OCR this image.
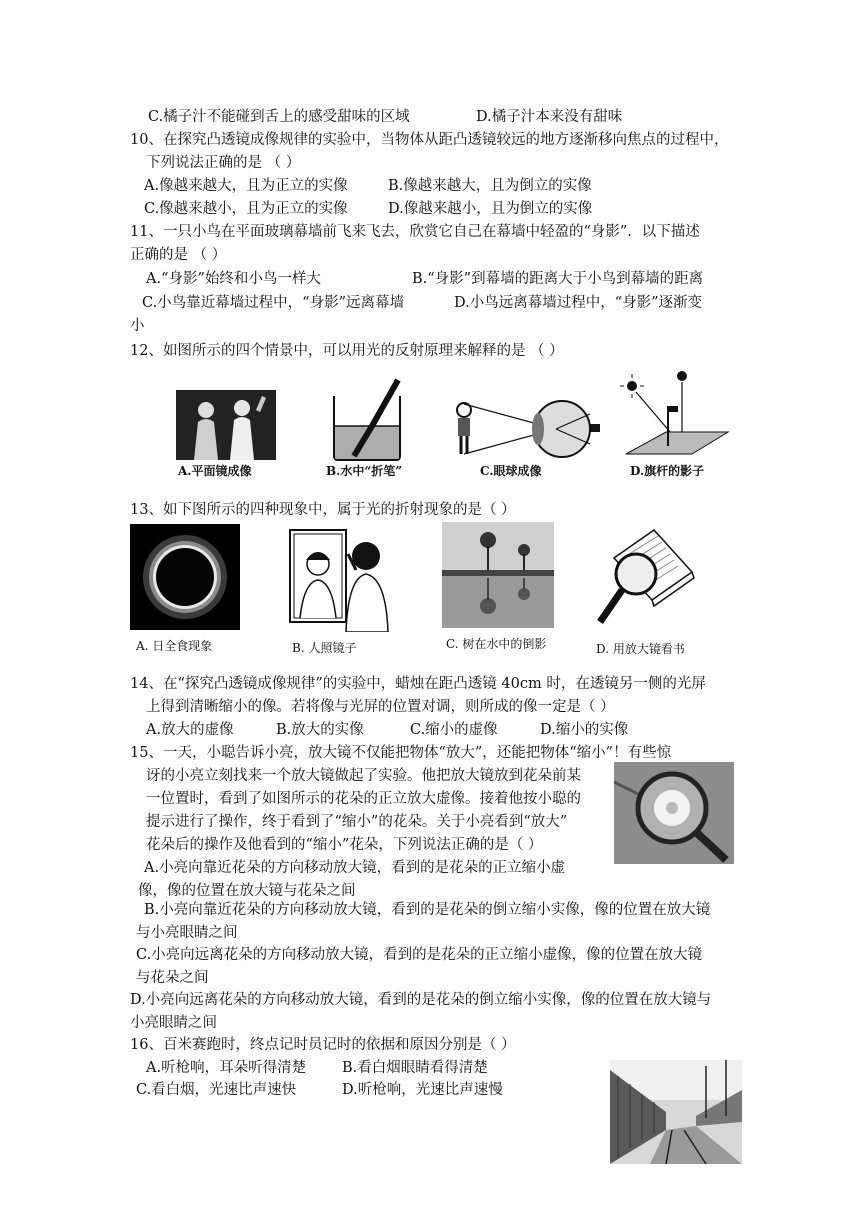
C.橘子汁不能碰到舌上的感受甜味的区域	D.橘子汁本来没有甜味
10、在探究凸透镜成像规律的实验中，当物体从距凸透镜较远的地方逐渐移向焦点的过程中，
下列说法正确的是 （ ）
A.像越来越大，且为正立的实像	B.像越来越大，且为倒立的实像
C.像越来越小，且为正立的实像	D.像越来越小，且为倒立的实像
11、一只小鸟在平面玻璃幕墙前飞来飞去，欣赏它自己在幕墙中轻盈的“身影”．以下描述
正确的是 （ ）
A.“身影”始终和小鸟一样大	B.“身影”到幕墙的距离大于小鸟到幕墙的距离
C.小鸟靠近幕墙过程中，“身影”远离幕墙	D.小鸟远离幕墙过程中，“身影”逐渐变
小
12、如图所示的四个情景中，可以用光的反射原理来解释的是 （ ）
A.平面镜成像	B.水中“折笔”	C.眼球成像	D.旗杆的影子
13、如下图所示的四种现象中，属于光的折射现象的是（ ）
A. 日全食现象	B. 人照镜子	C. 树在水中的倒影	D. 用放大镜看书
14、在“探究凸透镜成像规律”的实验中，蜡烛在距凸透镜 40cm 时，在透镜另一侧的光屏
上得到清晰缩小的像。若将像与光屏的位置对调，则所成的像一定是（ ）
A.放大的虚像	B.放大的实像	C.缩小的虚像	D.缩小的实像
15、一天，小聪告诉小亮，放大镜不仅能把物体“放大”，还能把物体“缩小”！有些惊
讶的小亮立刻找来一个放大镜做起了实验。他把放大镜放到花朵前某
一位置时，看到了如图所示的花朵的正立放大虚像。接着他按小聪的
提示进行了操作，终于看到了“缩小”的花朵。关于小亮看到“放大”
花朵后的操作及他看到的“缩小”花朵，下列说法正确的是（ ）
A.小亮向靠近花朵的方向移动放大镜，看到的是花朵的正立缩小虚
像，像的位置在放大镜与花朵之间
B.小亮向靠近花朵的方向移动放大镜，看到的是花朵的倒立缩小实像，像的位置在放大镜
与小亮眼睛之间
C.小亮向远离花朵的方向移动放大镜，看到的是花朵的正立缩小虚像，像的位置在放大镜
与花朵之间
D.小亮向远离花朵的方向移动放大镜，看到的是花朵的倒立缩小实像，像的位置在放大镜与
小亮眼睛之间
16、百米赛跑时，终点记时员记时的依据和原因分别是（ ）
A.听枪响，耳朵听得清楚 B.看白烟眼睛看得清楚
C.看白烟，光速比声速快	D.听枪响，光速比声速慢
